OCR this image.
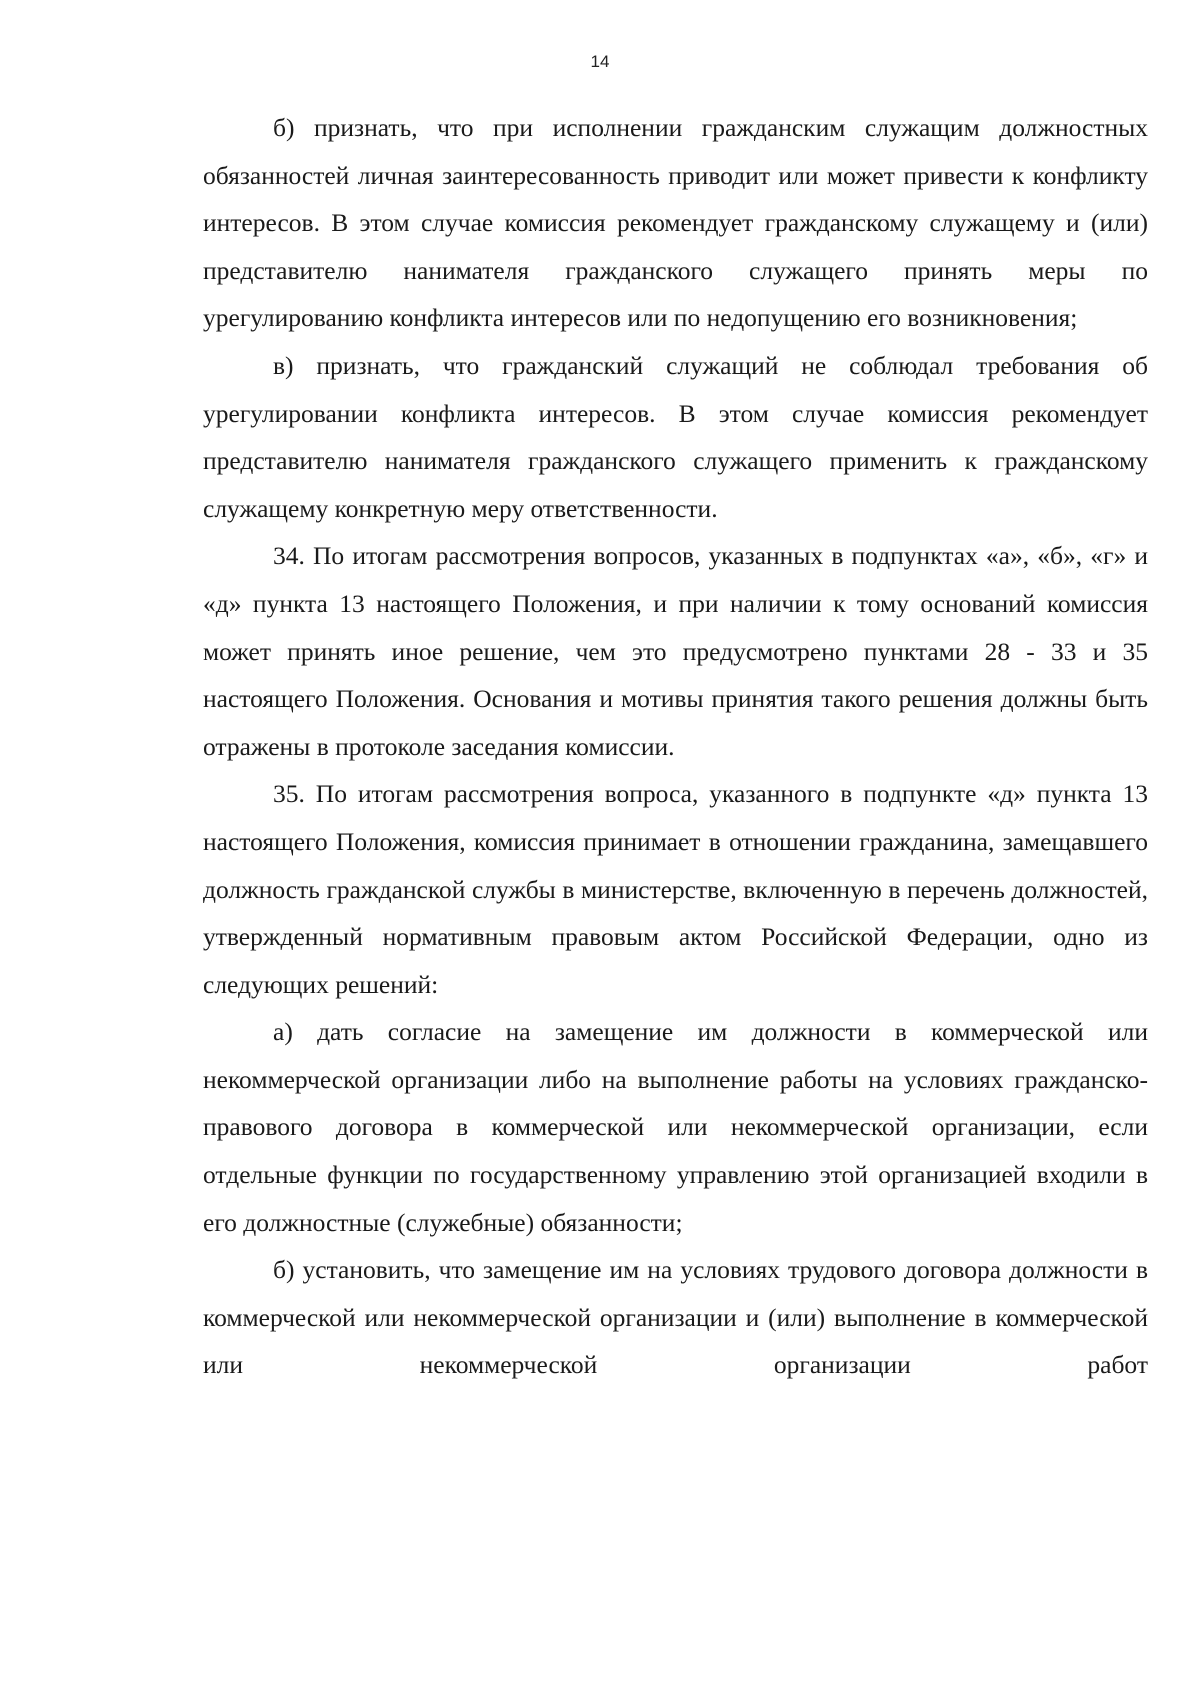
14

б) признать, что при исполнении гражданским служащим должностных обязанностей личная заинтересованность приводит или может привести к конфликту интересов. В этом случае комиссия рекомендует гражданскому служащему и (или) представителю нанимателя гражданского служащего принять меры по урегулированию конфликта интересов или по недопущению его возникновения;

в) признать, что гражданский служащий не соблюдал требования об урегулировании конфликта интересов. В этом случае комиссия рекомендует представителю нанимателя гражданского служащего применить к гражданскому служащему конкретную меру ответственности.

34. По итогам рассмотрения вопросов, указанных в подпунктах «а», «б», «г» и «д» пункта 13 настоящего Положения, и при наличии к тому оснований комиссия может принять иное решение, чем это предусмотрено пунктами 28 - 33 и 35 настоящего Положения. Основания и мотивы принятия такого решения должны быть отражены в протоколе заседания комиссии.

35. По итогам рассмотрения вопроса, указанного в подпункте «д» пункта 13 настоящего Положения, комиссия принимает в отношении гражданина, замещавшего должность гражданской службы в министерстве, включенную в перечень должностей, утвержденный нормативным правовым актом Российской Федерации, одно из следующих решений:

а) дать согласие на замещение им должности в коммерческой или некоммерческой организации либо на выполнение работы на условиях гражданско-правового договора в коммерческой или некоммерческой организации, если отдельные функции по государственному управлению этой организацией входили в его должностные (служебные) обязанности;

б) установить, что замещение им на условиях трудового договора должности в коммерческой или некоммерческой организации и (или) выполнение в коммерческой или некоммерческой организации работ
